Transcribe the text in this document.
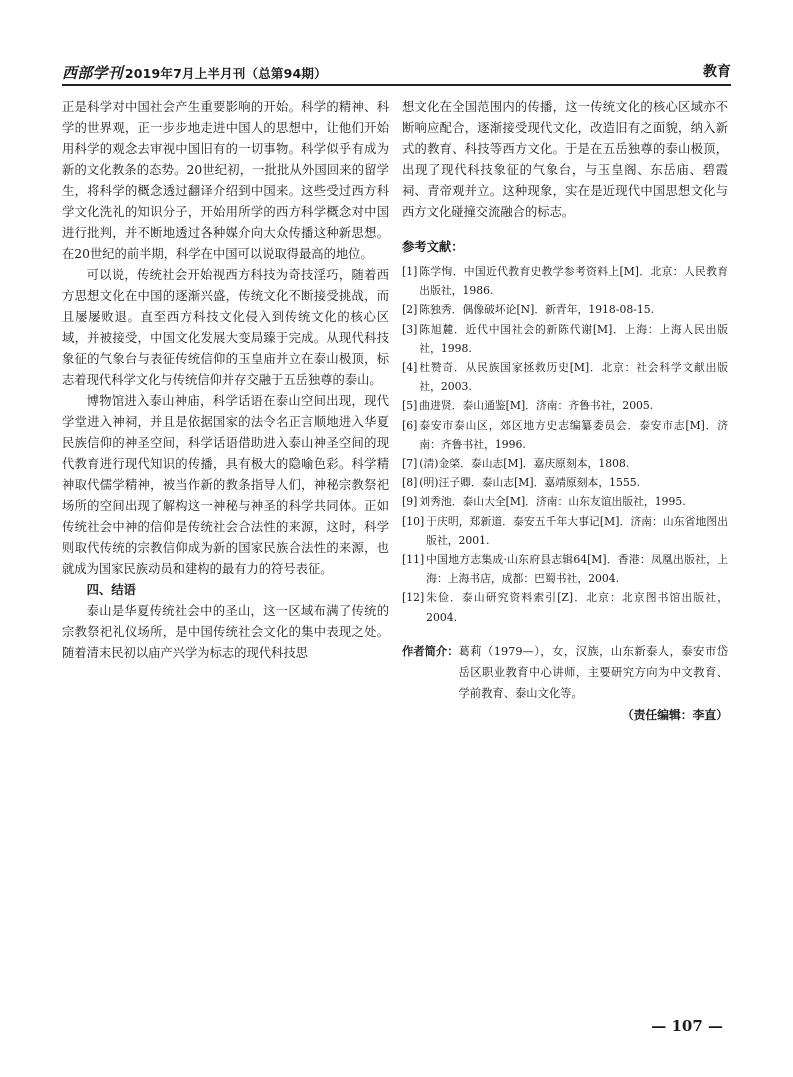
西部学刊 2019年7月上半月刊（总第94期）	教育

正是科学对中国社会产生重要影响的开始。科学的精神、科学的世界观，正一步步地走进中国人的思想中，让他们开始用科学的观念去审视中国旧有的一切事物。科学似乎有成为新的文化教条的态势。20世纪初，一批批从外国回来的留学生，将科学的概念透过翻译介绍到中国来。这些受过西方科学文化洗礼的知识分子，开始用所学的西方科学概念对中国进行批判，并不断地透过各种媒介向大众传播这种新思想。在20世纪的前半期，科学在中国可以说取得最高的地位。

可以说，传统社会开始视西方科技为奇技淫巧，随着西方思想文化在中国的逐渐兴盛，传统文化不断接受挑战，而且屡屡败退。直至西方科技文化侵入到传统文化的核心区域，并被接受，中国文化发展大变局臻于完成。从现代科技象征的气象台与表征传统信仰的玉皇庙并立在泰山极顶，标志着现代科学文化与传统信仰并存交融于五岳独尊的泰山。

博物馆进入泰山神庙，科学话语在泰山空间出现，现代学堂进入神祠，并且是依据国家的法令名正言顺地进入华夏民族信仰的神圣空间，科学话语借助进入泰山神圣空间的现代教育进行现代知识的传播，具有极大的隐喻色彩。科学精神取代儒学精神，被当作新的教条指导人们，神秘宗教祭祀场所的空间出现了解构这一神秘与神圣的科学共同体。正如传统社会中神的信仰是传统社会合法性的来源，这时，科学则取代传统的宗教信仰成为新的国家民族合法性的来源，也就成为国家民族动员和建构的最有力的符号表征。

四、结语

泰山是华夏传统社会中的圣山，这一区域布满了传统的宗教祭祀礼仪场所，是中国传统社会文化的集中表现之处。随着清末民初以庙产兴学为标志的现代科技思

想文化在全国范围内的传播，这一传统文化的核心区域亦不断响应配合，逐渐接受现代文化，改造旧有之面貌，纳入新式的教育、科技等西方文化。于是在五岳独尊的泰山极顶，出现了现代科技象征的气象台，与玉皇阁、东岳庙、碧霞祠、青帝观并立。这种现象，实在是近现代中国思想文化与西方文化碰撞交流融合的标志。

参考文献：
[1] 陈学恂．中国近代教育史教学参考资料上[M]．北京：人民教育出版社，1986.
[2] 陈独秀．偶像破坏论[N]．新青年，1918-08-15.
[3] 陈旭麓．近代中国社会的新陈代谢[M]．上海：上海人民出版社，1998.
[4] 杜赞奇．从民族国家拯救历史[M]．北京：社会科学文献出版社，2003.
[5] 曲进贤．泰山通鉴[M]．济南：齐鲁书社，2005.
[6] 泰安市泰山区，郊区地方史志编纂委员会．泰安市志[M]．济南：齐鲁书社，1996.
[7] (清)金棨．泰山志[M]．嘉庆原刻本，1808.
[8] (明)汪子卿．泰山志[M]．嘉靖原刻本，1555.
[9] 刘秀池．泰山大全[M]．济南：山东友谊出版社，1995.
[10] 于庆明，郑新道．泰安五千年大事记[M]．济南：山东省地图出版社，2001.
[11] 中国地方志集成·山东府县志辑64[M]．香港：凤凰出版社，上海：上海书店，成都：巴蜀书社，2004.
[12] 朱俭．泰山研究资料索引[Z]．北京：北京图书馆出版社，2004.
作者简介： 葛莉（1979—），女，汉族，山东新泰人，泰安市岱岳区职业教育中心讲师，主要研究方向为中文教育、学前教育、泰山文化等。
（责任编辑：李直）
— 107 —
